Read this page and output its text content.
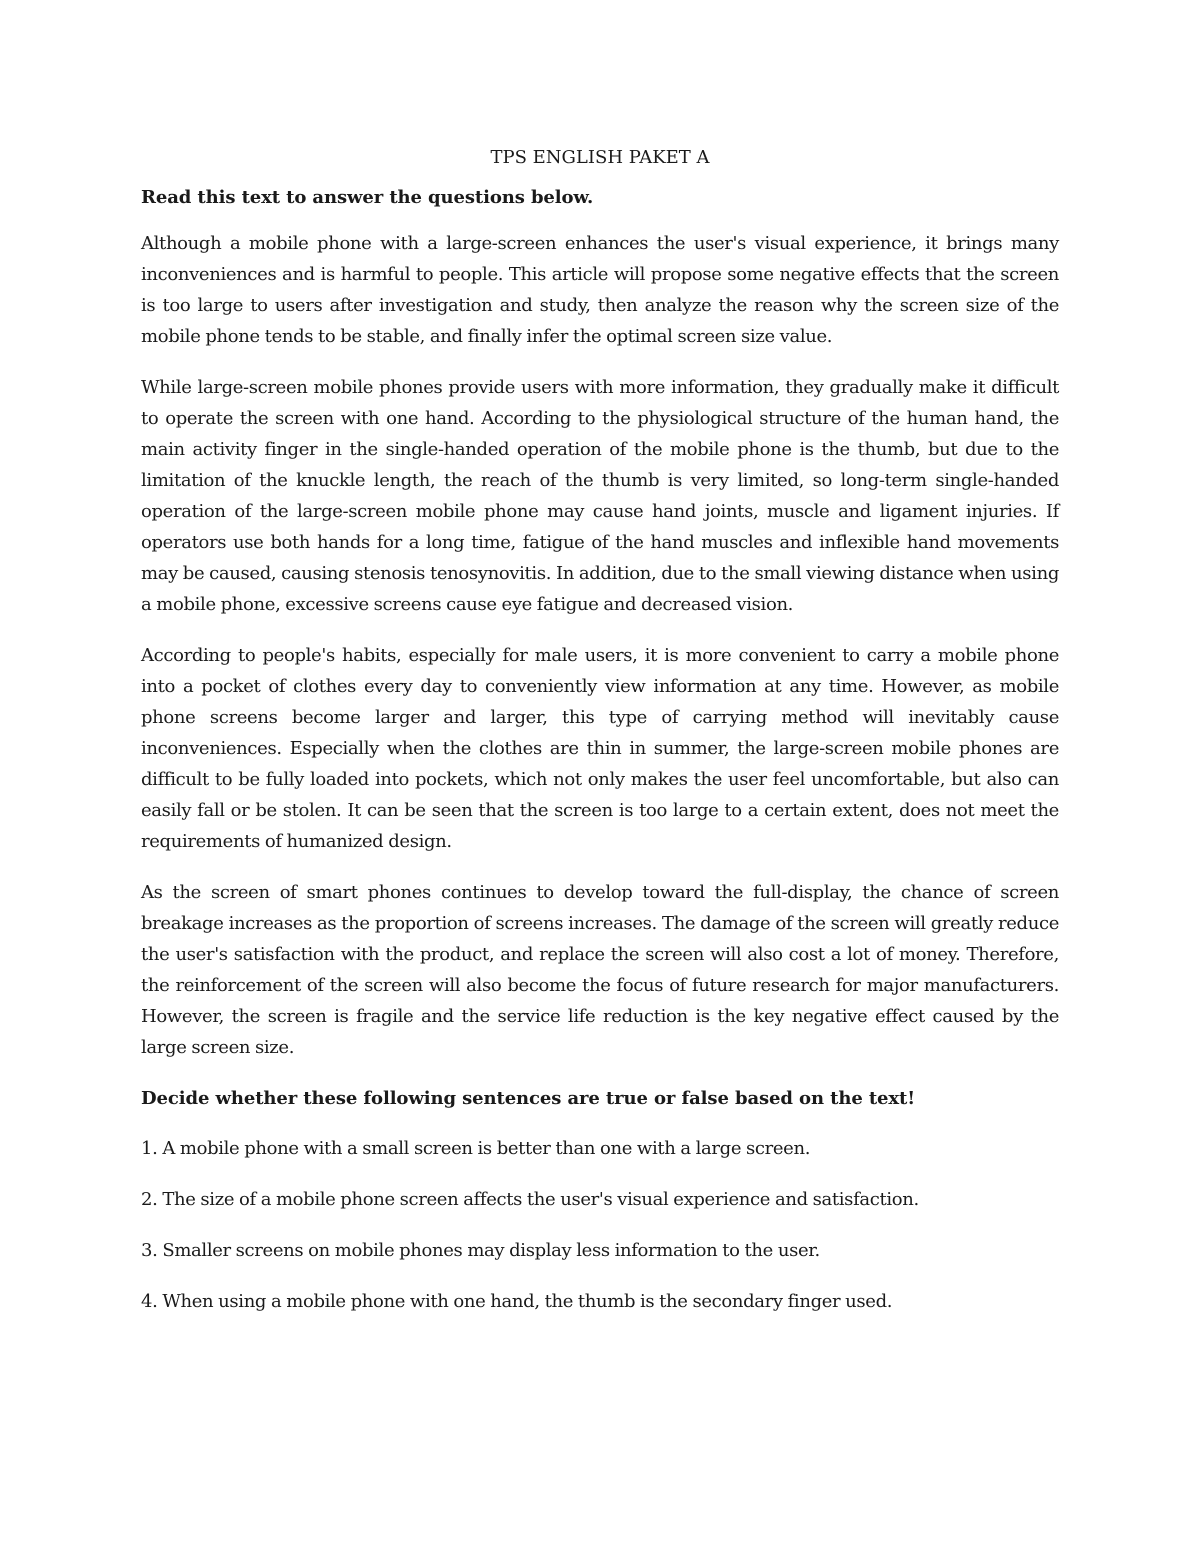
TPS ENGLISH PAKET A
Read this text to answer the questions below.
Although a mobile phone with a large-screen enhances the user's visual experience, it brings many inconveniences and is harmful to people. This article will propose some negative effects that the screen is too large to users after investigation and study, then analyze the reason why the screen size of the mobile phone tends to be stable, and finally infer the optimal screen size value.
While large-screen mobile phones provide users with more information, they gradually make it difficult to operate the screen with one hand. According to the physiological structure of the human hand, the main activity finger in the single-handed operation of the mobile phone is the thumb, but due to the limitation of the knuckle length, the reach of the thumb is very limited, so long-term single-handed operation of the large-screen mobile phone may cause hand joints, muscle and ligament injuries. If operators use both hands for a long time, fatigue of the hand muscles and inflexible hand movements may be caused, causing stenosis tenosynovitis. In addition, due to the small viewing distance when using a mobile phone, excessive screens cause eye fatigue and decreased vision.
According to people's habits, especially for male users, it is more convenient to carry a mobile phone into a pocket of clothes every day to conveniently view information at any time. However, as mobile phone screens become larger and larger, this type of carrying method will inevitably cause inconveniences. Especially when the clothes are thin in summer, the large-screen mobile phones are difficult to be fully loaded into pockets, which not only makes the user feel uncomfortable, but also can easily fall or be stolen. It can be seen that the screen is too large to a certain extent, does not meet the requirements of humanized design.
As the screen of smart phones continues to develop toward the full-display, the chance of screen breakage increases as the proportion of screens increases. The damage of the screen will greatly reduce the user's satisfaction with the product, and replace the screen will also cost a lot of money. Therefore, the reinforcement of the screen will also become the focus of future research for major manufacturers. However, the screen is fragile and the service life reduction is the key negative effect caused by the large screen size.
Decide whether these following sentences are true or false based on the text!
1. A mobile phone with a small screen is better than one with a large screen.
2. The size of a mobile phone screen affects the user's visual experience and satisfaction.
3. Smaller screens on mobile phones may display less information to the user.
4. When using a mobile phone with one hand, the thumb is the secondary finger used.
